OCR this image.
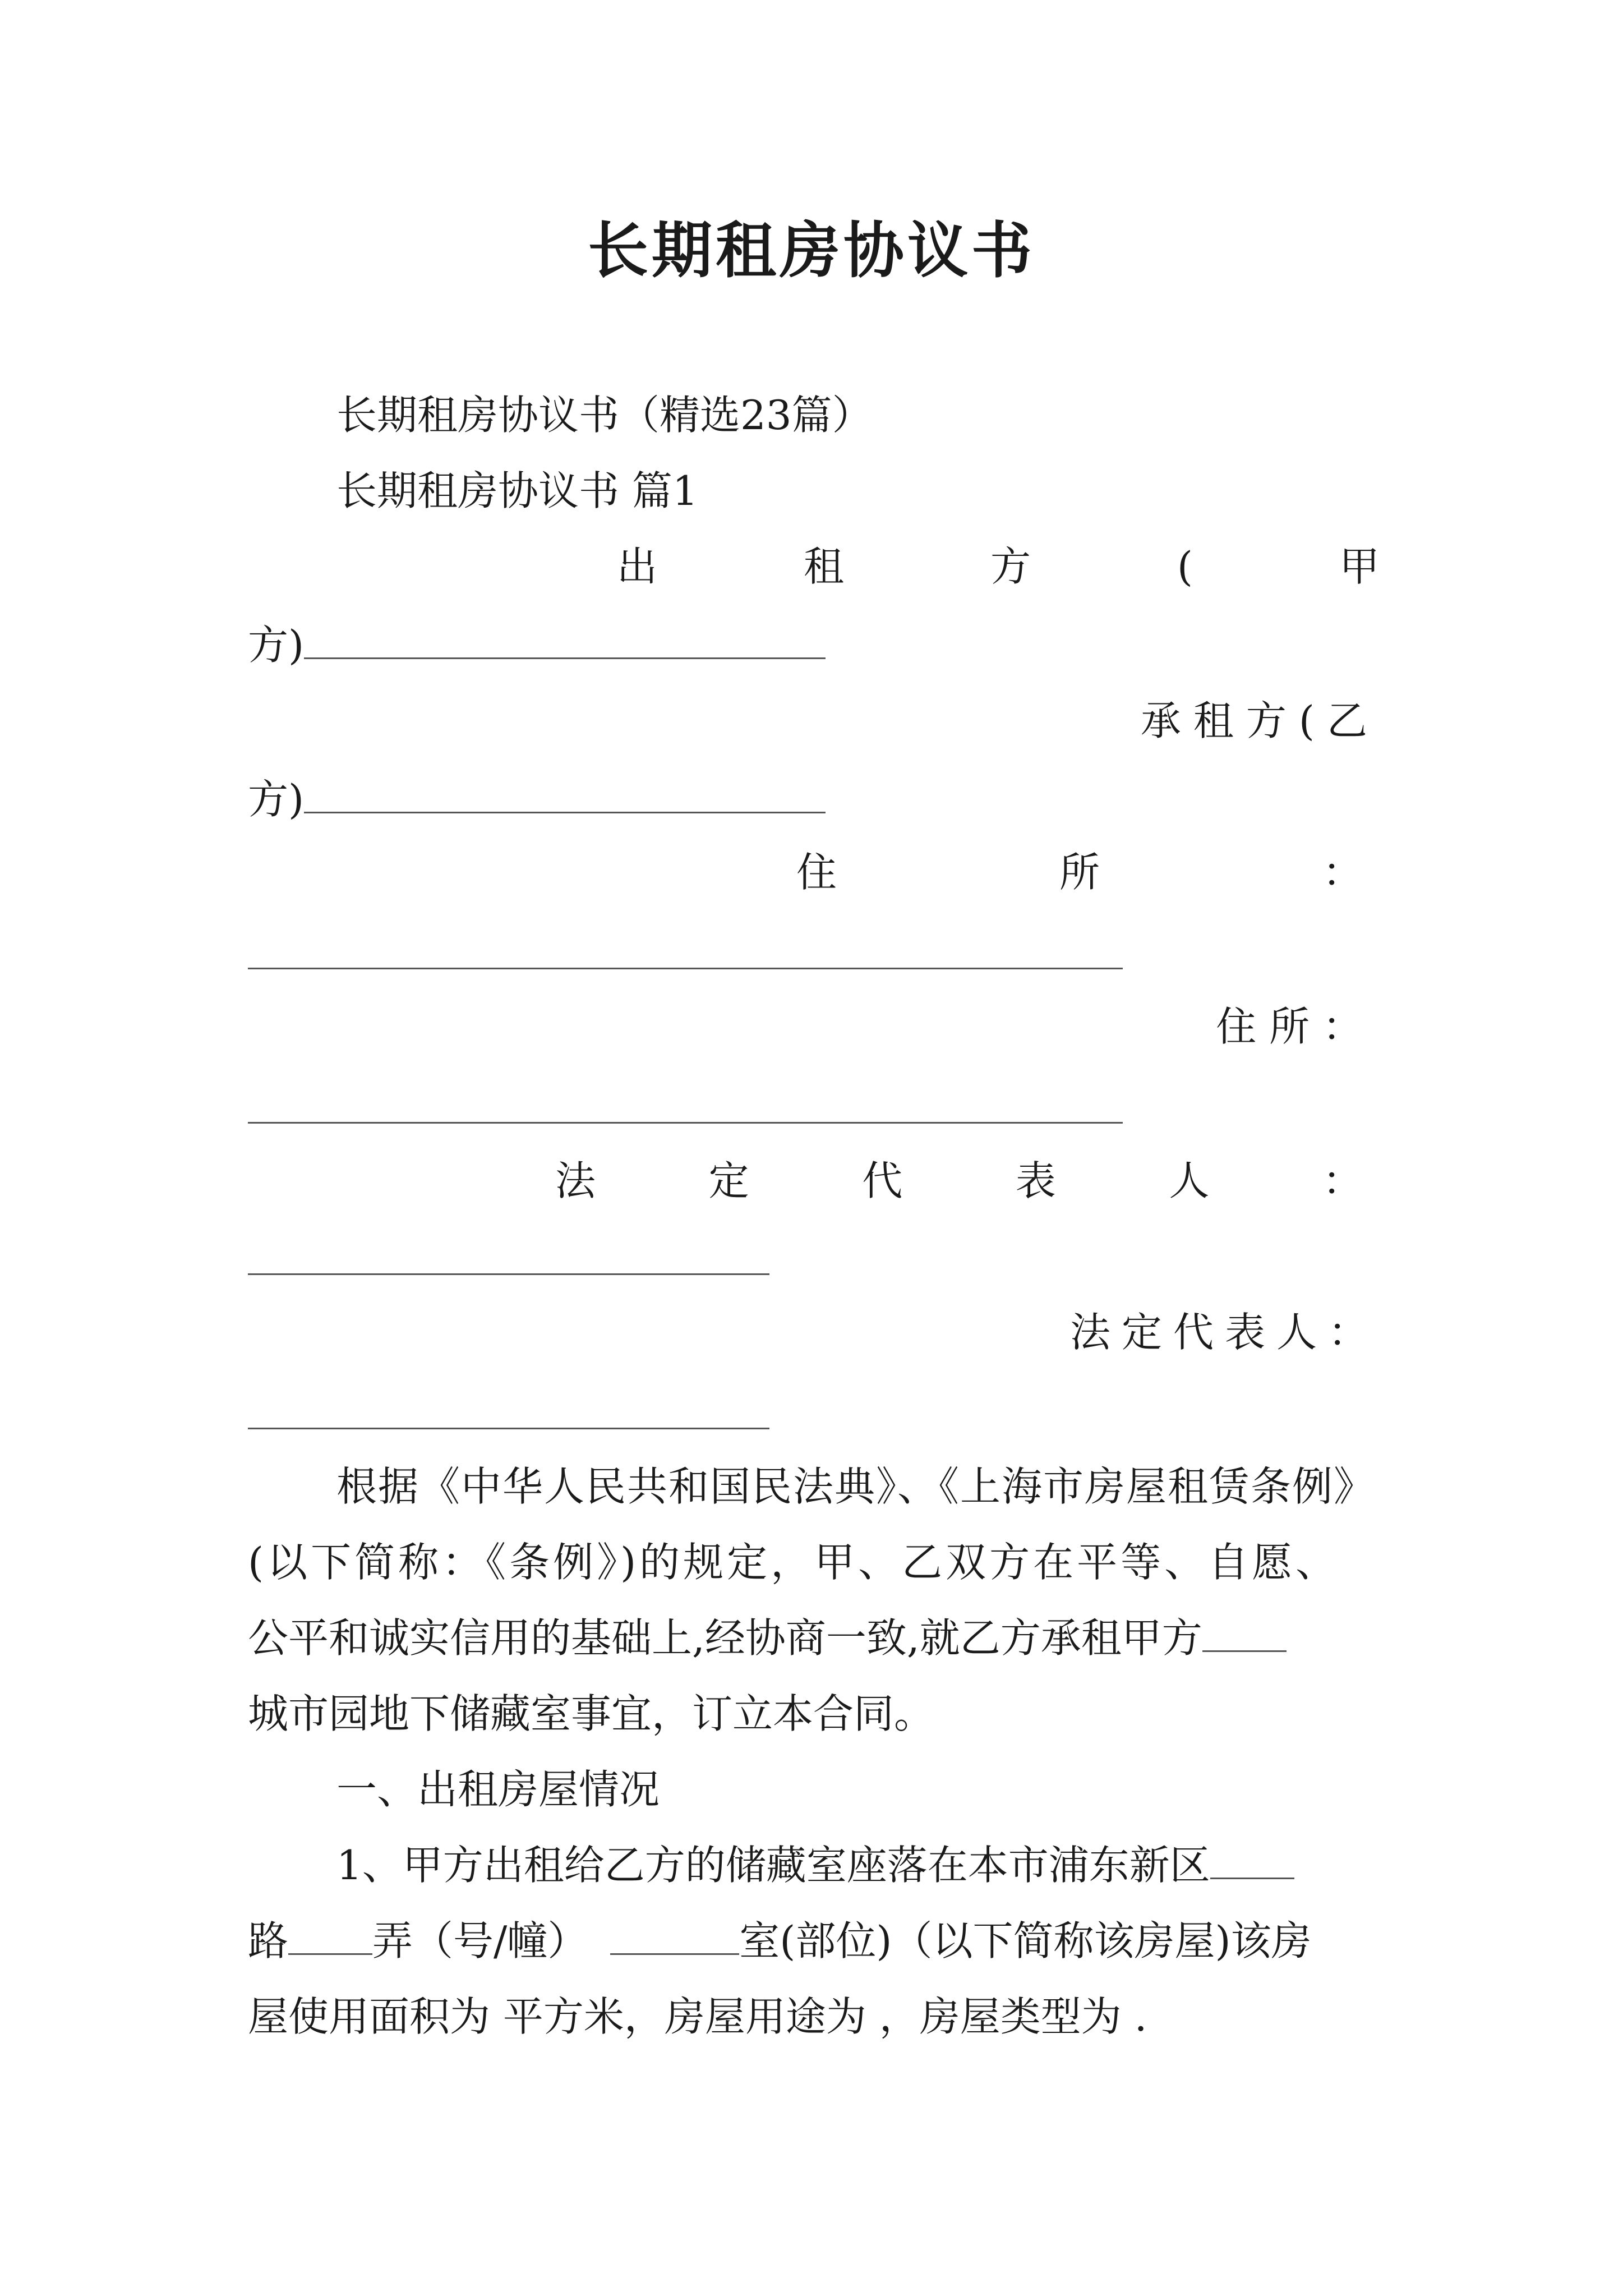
长期租房协议书
长期租房协议书（精选23篇）
长期租房协议书 篇1
出	租	方	(	甲
方)
承租方(乙
方)
住	所	：
住 所 ：
法	定	代	表	人	：
法定代表人：
根据《中华人民共和国民法典》、《上海市房屋租赁条例》
(以下简称：《条例》)的规定，甲、乙双方在平等、自愿、
公平和诚实信用的基础上,经协商一致,就乙方承租甲方
城市园地下储藏室事宜，订立本合同。
一、出租房屋情况
1、甲方出租给乙方的储藏室座落在本市浦东新区
路 弄（号/幢）	室(部位)（以下简称该房屋)该房
屋使用面积为 平方米，房屋用途为 ，房屋类型为 .
